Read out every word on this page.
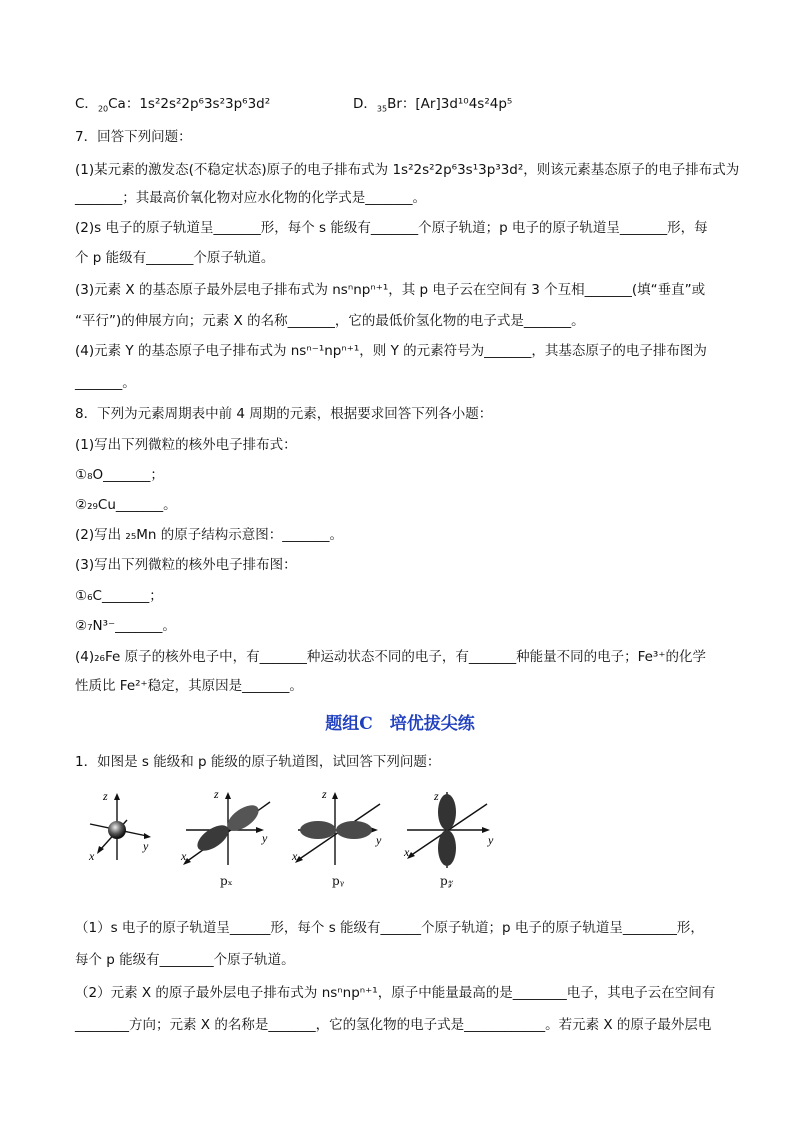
C．$_{20}$Ca：1s²2s²2p⁶3s²3p⁶3d²	D．$_{35}$Br：[Ar]3d¹⁰4s²4p⁵
7．回答下列问题：
(1)某元素的激发态(不稳定状态)原子的电子排布式为 1s²2s²2p⁶3s¹3p³3d²，则该元素基态原子的电子排布式为
_______；其最高价氧化物对应水化物的化学式是_______。
(2)s 电子的原子轨道呈_______形，每个 s 能级有_______个原子轨道；p 电子的原子轨道呈_______形，每
个 p 能级有_______个原子轨道。
(3)元素 X 的基态原子最外层电子排布式为 nsⁿnpⁿ⁺¹，其 p 电子云在空间有 3 个互相_______(填“垂直”或
“平行”)的伸展方向；元素 X 的名称_______，它的最低价氢化物的电子式是_______。
(4)元素 Y 的基态原子电子排布式为 nsⁿ⁻¹npⁿ⁺¹，则 Y 的元素符号为_______，其基态原子的电子排布图为
_______。
8．下列为元素周期表中前 4 周期的元素，根据要求回答下列各小题：
(1)写出下列微粒的核外电子排布式：
①₈O_______；
②₂₉Cu_______。
(2)写出 ₂₅Mn 的原子结构示意图：_______。
(3)写出下列微粒的核外电子排布图：
①₆C_______；
②₇N³⁻_______。
(4)₂₆Fe 原子的核外电子中，有_______种运动状态不同的电子，有_______种能量不同的电子；Fe³⁺的化学
性质比 Fe²⁺稳定，其原因是_______。
题组C　培优拔尖练
1．如图是 s 能级和 p 能级的原子轨道图，试回答下列问题：
z
y
x
z
y
x
z
y
x
z
y
x
pₓ	pᵧ	p𝓏
（1）s 电子的原子轨道呈______形，每个 s 能级有______个原子轨道；p 电子的原子轨道呈________形，
每个 p 能级有________个原子轨道。
（2）元素 X 的原子最外层电子排布式为 nsⁿnpⁿ⁺¹，原子中能量最高的是________电子，其电子云在空间有
________方向；元素 X 的名称是_______，它的氢化物的电子式是____________。若元素 X 的原子最外层电
